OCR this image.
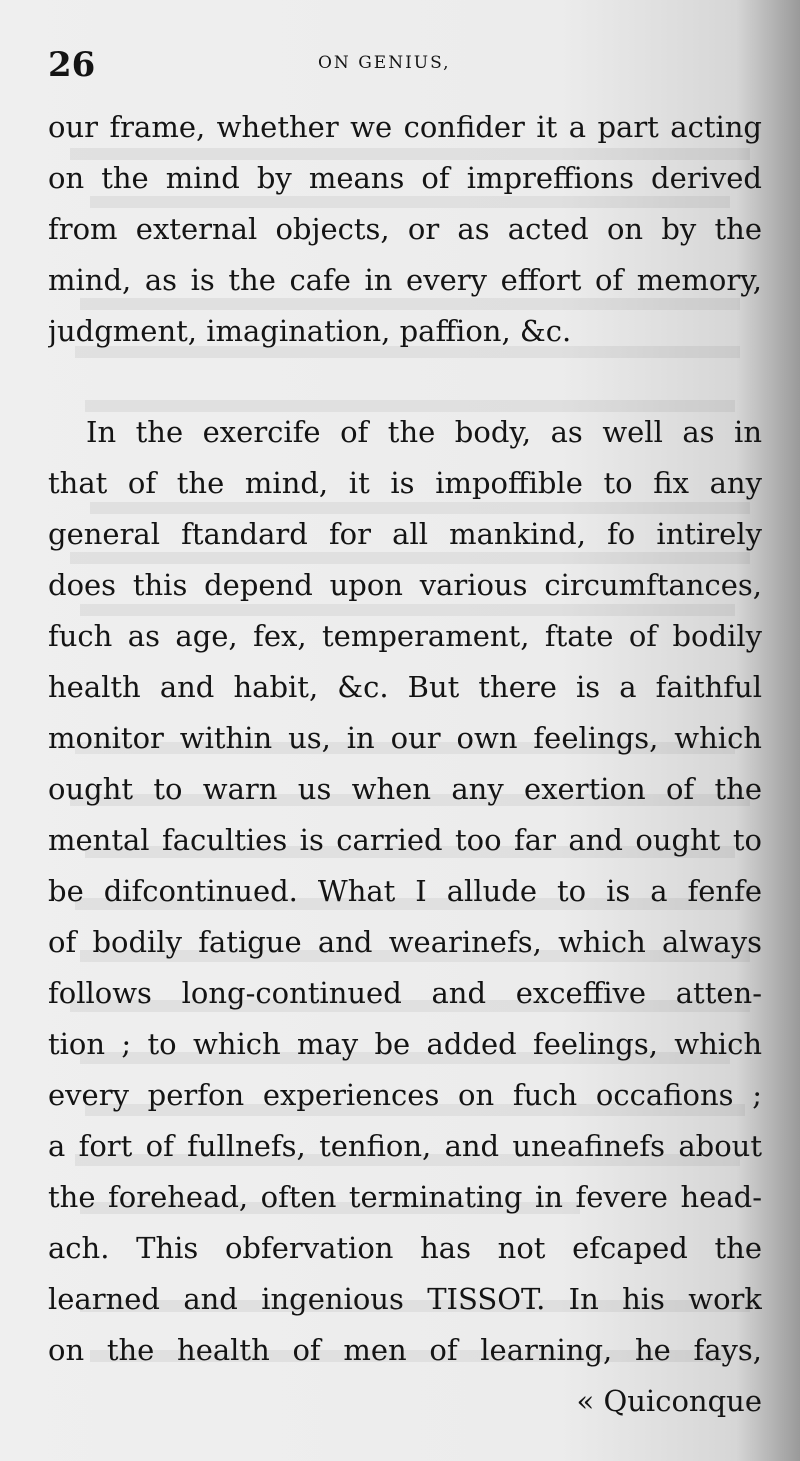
26	ON GENIUS,
our frame, whether we confider it a part acting
on the mind by means of impreffions derived
from external objects, or as acted on by the
mind, as is the cafe in every effort of memory,
judgment, imagination, paffion, &c.
In the exercife of the body, as well as in
that of the mind, it is impoffible to fix any
general ftandard for all mankind, fo intirely
does this depend upon various circumftances,
fuch as age, fex, temperament, ftate of bodily
health and habit, &c. But there is a faithful
monitor within us, in our own feelings, which
ought to warn us when any exertion of the
mental faculties is carried too far and ought to
be difcontinued. What I allude to is a fenfe
of bodily fatigue and wearinefs, which always
follows long-continued and exceffive atten-
tion ; to which may be added feelings, which
every perfon experiences on fuch occafions ;
a fort of fullnefs, tenfion, and uneafinefs about
the forehead, often terminating in fevere head-
ach. This obfervation has not efcaped the
learned and ingenious TISSOT. In his work
on the health of men of learning, he fays,
« Quiconque
